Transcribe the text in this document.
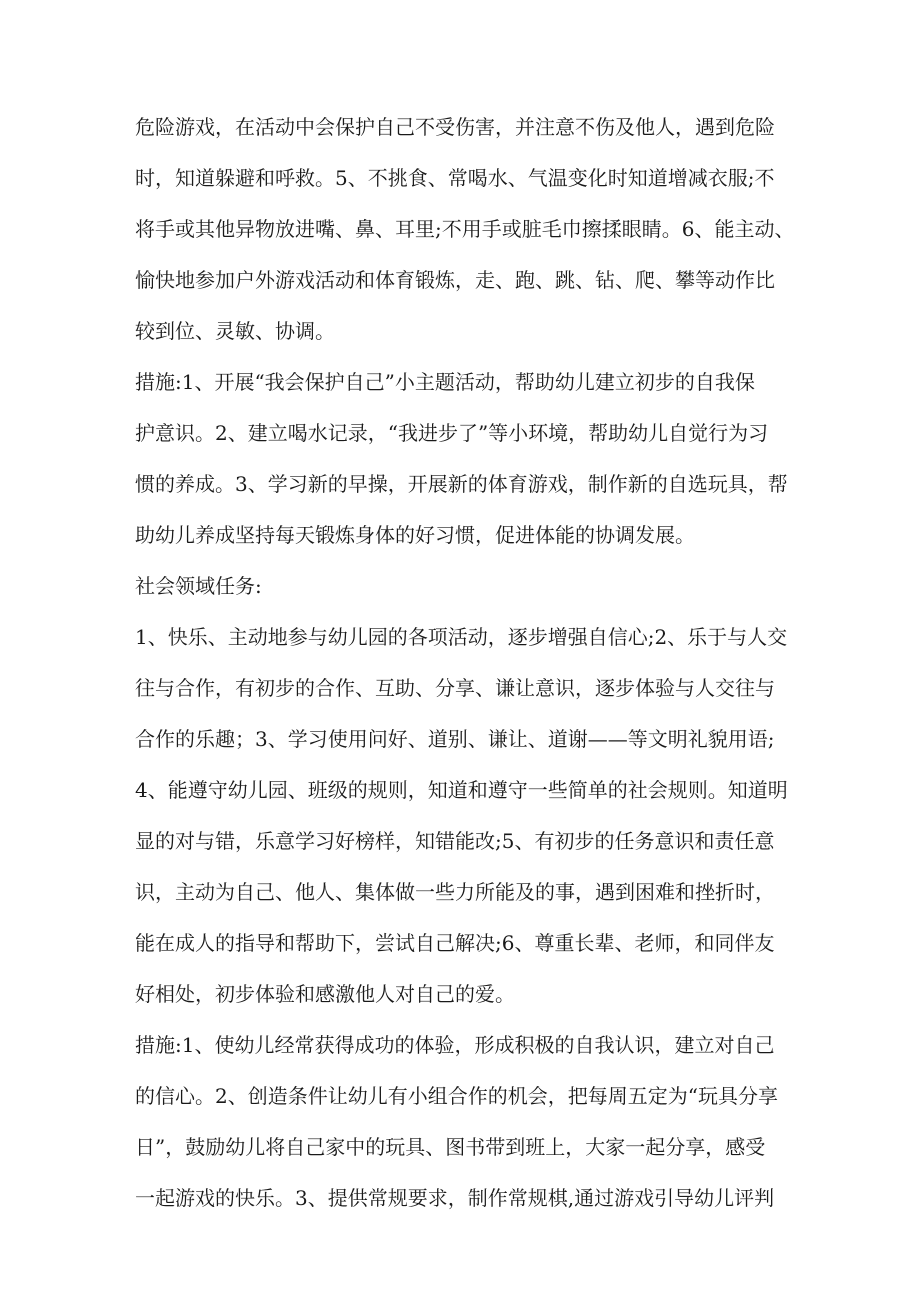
危险游戏，在活动中会保护自己不受伤害，并注意不伤及他人，遇到危险
时，知道躲避和呼救。5、不挑食、常喝水、气温变化时知道增减衣服;不
将手或其他异物放进嘴、鼻、耳里;不用手或脏毛巾擦揉眼睛。6、能主动、
愉快地参加户外游戏活动和体育锻炼，走、跑、跳、钻、爬、攀等动作比
较到位、灵敏、协调。
措施:1、开展“我会保护自己”小主题活动，帮助幼儿建立初步的自我保
护意识。2、建立喝水记录，“我进步了”等小环境，帮助幼儿自觉行为习
惯的养成。3、学习新的早操，开展新的体育游戏，制作新的自选玩具，帮
助幼儿养成坚持每天锻炼身体的好习惯，促进体能的协调发展。
社会领域任务:
1、快乐、主动地参与幼儿园的各项活动，逐步增强自信心;2、乐于与人交
往与合作，有初步的合作、互助、分享、谦让意识，逐步体验与人交往与
合作的乐趣；3、学习使用问好、道别、谦让、道谢——等文明礼貌用语;
4、能遵守幼儿园、班级的规则，知道和遵守一些简单的社会规则。知道明
显的对与错，乐意学习好榜样，知错能改;5、有初步的任务意识和责任意
识，主动为自己、他人、集体做一些力所能及的事，遇到困难和挫折时，
能在成人的指导和帮助下，尝试自己解决;6、尊重长辈、老师，和同伴友
好相处，初步体验和感激他人对自己的爱。
措施:1、使幼儿经常获得成功的体验，形成积极的自我认识，建立对自己
的信心。2、创造条件让幼儿有小组合作的机会，把每周五定为“玩具分享
日”，鼓励幼儿将自己家中的玩具、图书带到班上，大家一起分享，感受
一起游戏的快乐。3、提供常规要求，制作常规棋,通过游戏引导幼儿评判
